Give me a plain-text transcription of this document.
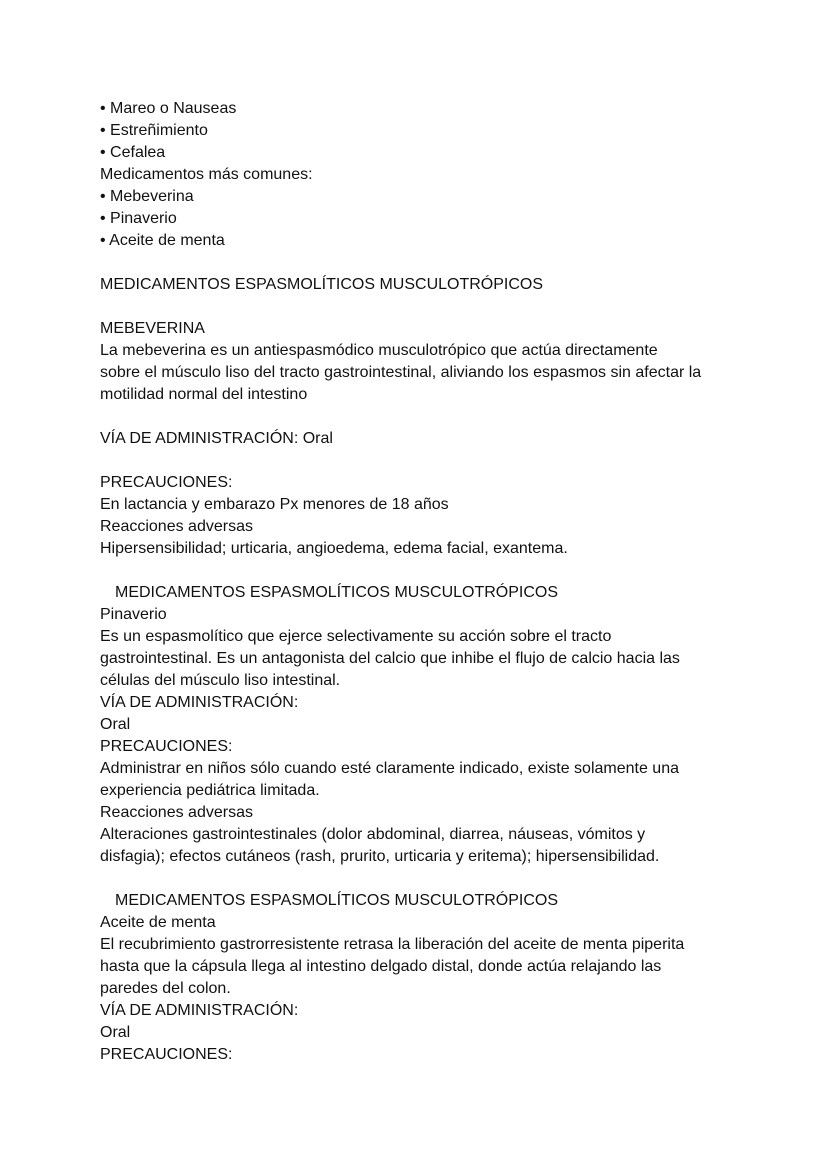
• Mareo o Nauseas
• Estreñimiento
• Cefalea
Medicamentos más comunes:
• Mebeverina
• Pinaverio
• Aceite de menta
MEDICAMENTOS ESPASMOLÍTICOS MUSCULOTRÓPICOS
MEBEVERINA
La mebeverina es un antiespasmódico musculotrópico que actúa directamente
sobre el músculo liso del tracto gastrointestinal, aliviando los espasmos sin afectar la
motilidad normal del intestino
VÍA DE ADMINISTRACIÓN: Oral
PRECAUCIONES:
En lactancia y embarazo Px menores de 18 años
Reacciones adversas
Hipersensibilidad; urticaria, angioedema, edema facial, exantema.
MEDICAMENTOS ESPASMOLÍTICOS MUSCULOTRÓPICOS
Pinaverio
Es un espasmolítico que ejerce selectivamente su acción sobre el tracto
gastrointestinal. Es un antagonista del calcio que inhibe el flujo de calcio hacia las
células del músculo liso intestinal.
VÍA DE ADMINISTRACIÓN:
Oral
PRECAUCIONES:
Administrar en niños sólo cuando esté claramente indicado, existe solamente una
experiencia pediátrica limitada.
Reacciones adversas
Alteraciones gastrointestinales (dolor abdominal, diarrea, náuseas, vómitos y
disfagia); efectos cutáneos (rash, prurito, urticaria y eritema); hipersensibilidad.
MEDICAMENTOS ESPASMOLÍTICOS MUSCULOTRÓPICOS
Aceite de menta
El recubrimiento gastrorresistente retrasa la liberación del aceite de menta piperita
hasta que la cápsula llega al intestino delgado distal, donde actúa relajando las
paredes del colon.
VÍA DE ADMINISTRACIÓN:
Oral
PRECAUCIONES:
